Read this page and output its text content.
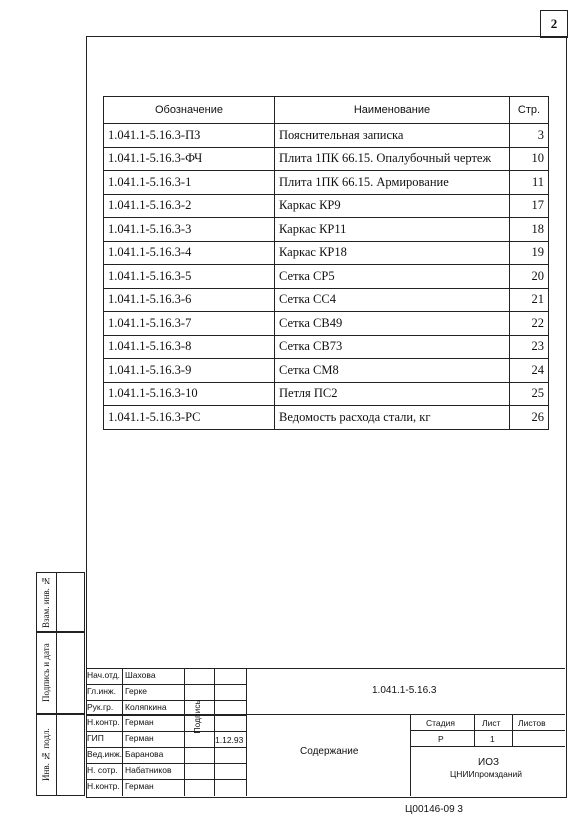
2
Обозначение	Наименование	Стр.
1.041.1-5.16.3-ПЗ	Пояснительная записка	3
1.041.1-5.16.3-ФЧ	Плита 1ПК 66.15. Опалубочный чертеж	10
1.041.1-5.16.3-1	Плита 1ПК 66.15. Армирование	11
1.041.1-5.16.3-2	Каркас КР9	17
1.041.1-5.16.3-3	Каркас КР11	18
1.041.1-5.16.3-4	Каркас КР18	19
1.041.1-5.16.3-5	Сетка СР5	20
1.041.1-5.16.3-6	Сетка СС4	21
1.041.1-5.16.3-7	Сетка СВ49	22
1.041.1-5.16.3-8	Сетка СВ73	23
1.041.1-5.16.3-9	Сетка СМ8	24
1.041.1-5.16.3-10	Петля ПС2	25
1.041.1-5.16.3-РС	Ведомость расхода стали, кг	26
Взам. инв. №
Подпись и дата
Инв. № подл.
Нач.отд. Шахова
Гл.инж. Герке
Рук.гр. Коляпкина
Н.контр. Герман
ГИП Герман
Вед.инж. Баранова
Н. сотр. Набатников
Н.контр. Герман
Подпись
1.12.93
1.041.1-5.16.3
Содержание
Стадия	Лист Листов
Р	1
ИОЗ
ЦНИИпромзданий
Ц00146-09 3
